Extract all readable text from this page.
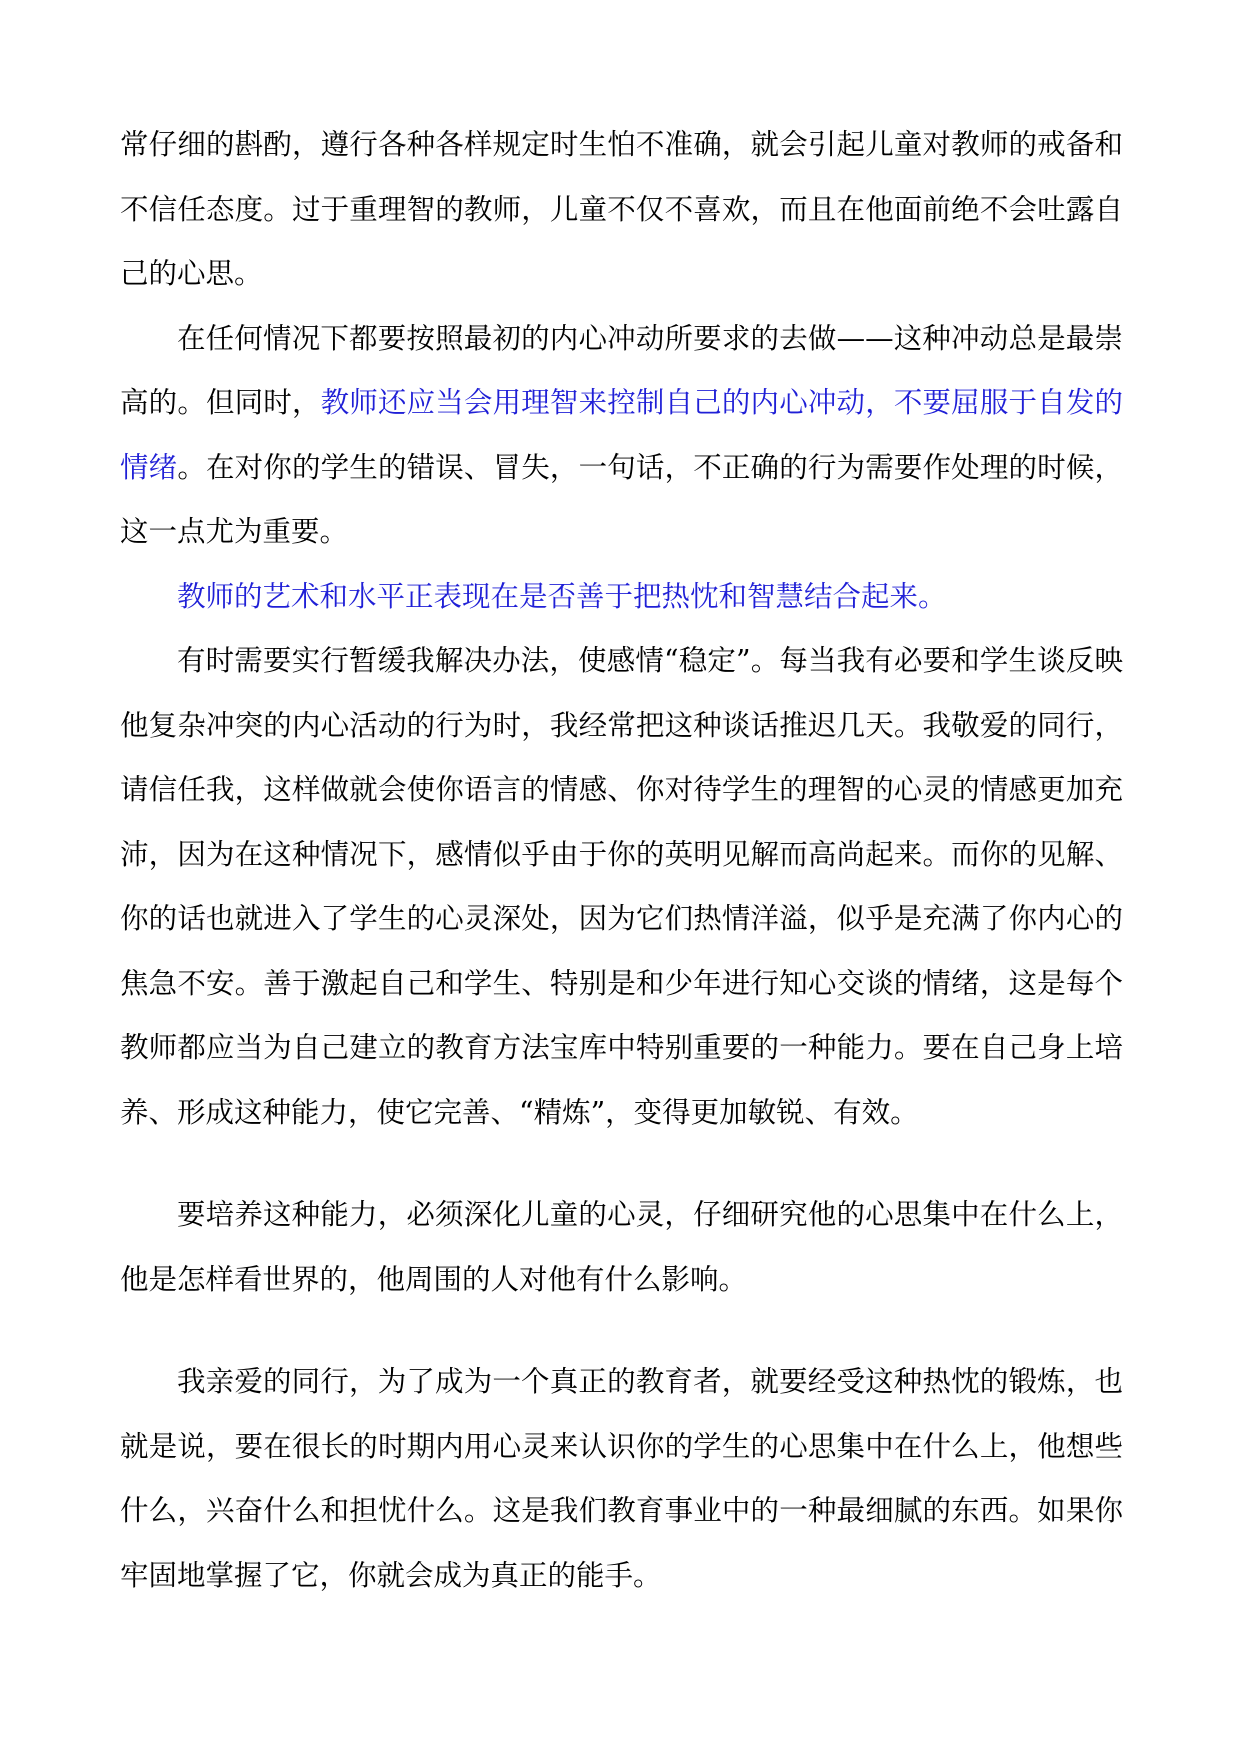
常仔细的斟酌，遵行各种各样规定时生怕不准确，就会引起儿童对教师的戒备和不信任态度。过于重理智的教师，儿童不仅不喜欢，而且在他面前绝不会吐露自己的心思。

在任何情况下都要按照最初的内心冲动所要求的去做——这种冲动总是最崇高的。但同时，教师还应当会用理智来控制自己的内心冲动，不要屈服于自发的情绪。在对你的学生的错误、冒失，一句话，不正确的行为需要作处理的时候，这一点尤为重要。

教师的艺术和水平正表现在是否善于把热忱和智慧结合起来。

有时需要实行暂缓我解决办法，使感情“稳定”。每当我有必要和学生谈反映他复杂冲突的内心活动的行为时，我经常把这种谈话推迟几天。我敬爱的同行，请信任我，这样做就会使你语言的情感、你对待学生的理智的心灵的情感更加充沛，因为在这种情况下，感情似乎由于你的英明见解而高尚起来。而你的见解、你的话也就进入了学生的心灵深处，因为它们热情洋溢，似乎是充满了你内心的焦急不安。善于激起自己和学生、特别是和少年进行知心交谈的情绪，这是每个教师都应当为自己建立的教育方法宝库中特别重要的一种能力。要在自己身上培养、形成这种能力，使它完善、“精炼”，变得更加敏锐、有效。

要培养这种能力，必须深化儿童的心灵，仔细研究他的心思集中在什么上，他是怎样看世界的，他周围的人对他有什么影响。

我亲爱的同行，为了成为一个真正的教育者，就要经受这种热忱的锻炼，也就是说，要在很长的时期内用心灵来认识你的学生的心思集中在什么上，他想些什么，兴奋什么和担忧什么。这是我们教育事业中的一种最细腻的东西。如果你牢固地掌握了它，你就会成为真正的能手。
